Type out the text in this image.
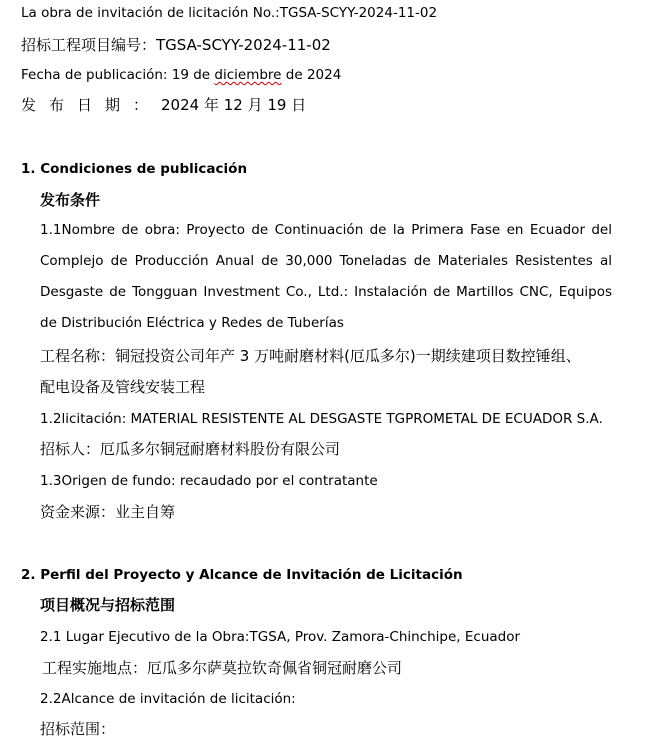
La obra de invitación de licitación No.:TGSA-SCYY-2024-11-02
招标工程项目编号：TGSA-SCYY-2024-11-02
Fecha de publicación: 19 de diciembre de 2024
发布日期：2024 年 12 月 19 日
1. Condiciones de publicación
发布条件
1.1Nombre de obra: Proyecto de Continuación de la Primera Fase en Ecuador del Complejo de Producción Anual de 30,000 Toneladas de Materiales Resistentes al Desgaste de Tongguan Investment Co., Ltd.: Instalación de Martillos CNC, Equipos de Distribución Eléctrica y Redes de Tuberías
工程名称：铜冠投资公司年产 3 万吨耐磨材料(厄瓜多尔)一期续建项目数控锤组、
配电设备及管线安装工程
1.2licitación: MATERIAL RESISTENTE AL DESGASTE TGPROMETAL DE ECUADOR S.A.
招标人：厄瓜多尔铜冠耐磨材料股份有限公司
1.3Origen de fundo: recaudado por el contratante
资金来源：业主自筹
2. Perfil del Proyecto y Alcance de Invitación de Licitación
项目概况与招标范围
2.1 Lugar Ejecutivo de la Obra:TGSA, Prov. Zamora-Chinchipe, Ecuador
工程实施地点：厄瓜多尔萨莫拉钦奇佩省铜冠耐磨公司
2.2Alcance de invitación de licitación:
招标范围：
